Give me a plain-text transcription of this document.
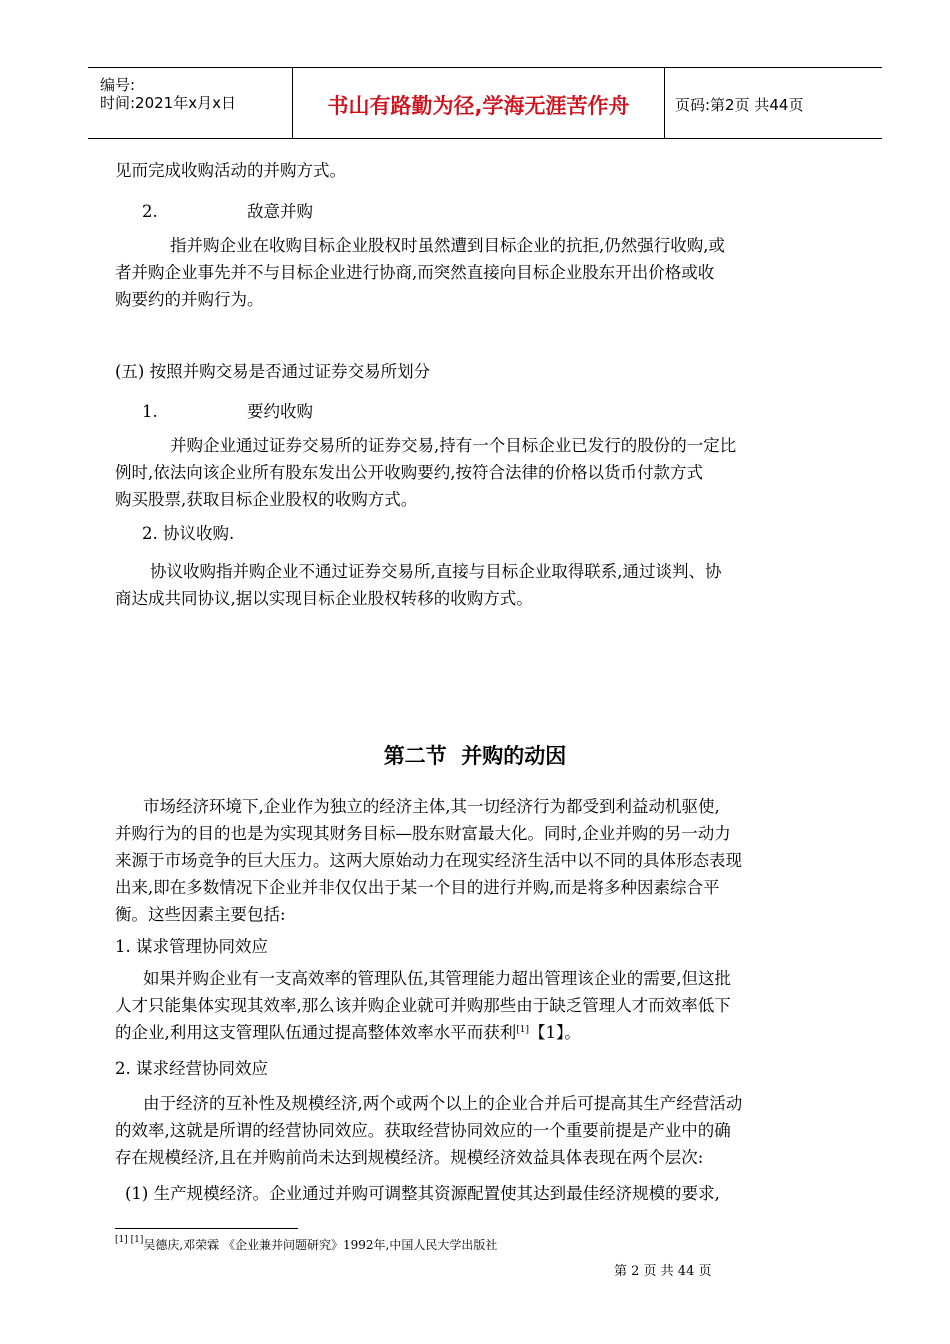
编号:
时间:2021年x月x日	书山有路勤为径,学海无涯苦作舟	页码:第2页 共44页
见而完成收购活动的并购方式。
2.	敌意并购
指并购企业在收购目标企业股权时虽然遭到目标企业的抗拒,仍然强行收购,或
者并购企业事先并不与目标企业进行协商,而突然直接向目标企业股东开出价格或收
购要约的并购行为。
(五) 按照并购交易是否通过证券交易所划分
1.	要约收购
并购企业通过证券交易所的证券交易,持有一个目标企业已发行的股份的一定比
例时,依法向该企业所有股东发出公开收购要约,按符合法律的价格以货币付款方式
购买股票,获取目标企业股权的收购方式。
2. 协议收购.
协议收购指并购企业不通过证券交易所,直接与目标企业取得联系,通过谈判、协
商达成共同协议,据以实现目标企业股权转移的收购方式。
第二节  并购的动因
市场经济环境下,企业作为独立的经济主体,其一切经济行为都受到利益动机驱使,
并购行为的目的也是为实现其财务目标—股东财富最大化。同时,企业并购的另一动力
来源于市场竞争的巨大压力。这两大原始动力在现实经济生活中以不同的具体形态表现
出来,即在多数情况下企业并非仅仅出于某一个目的进行并购,而是将多种因素综合平
衡。这些因素主要包括:
1. 谋求管理协同效应
如果并购企业有一支高效率的管理队伍,其管理能力超出管理该企业的需要,但这批
人才只能集体实现其效率,那么该并购企业就可并购那些由于缺乏管理人才而效率低下
的企业,利用这支管理队伍通过提高整体效率水平而获利[1]【1】。
2. 谋求经营协同效应
由于经济的互补性及规模经济,两个或两个以上的企业合并后可提高其生产经营活动
的效率,这就是所谓的经营协同效应。获取经营协同效应的一个重要前提是产业中的确
存在规模经济,且在并购前尚未达到规模经济。规模经济效益具体表现在两个层次:
(1) 生产规模经济。企业通过并购可调整其资源配置使其达到最佳经济规模的要求,
[1] [1]吴德庆,邓荣霖 《企业兼并问题研究》1992年,中国人民大学出版社
第 2 页 共 44 页
